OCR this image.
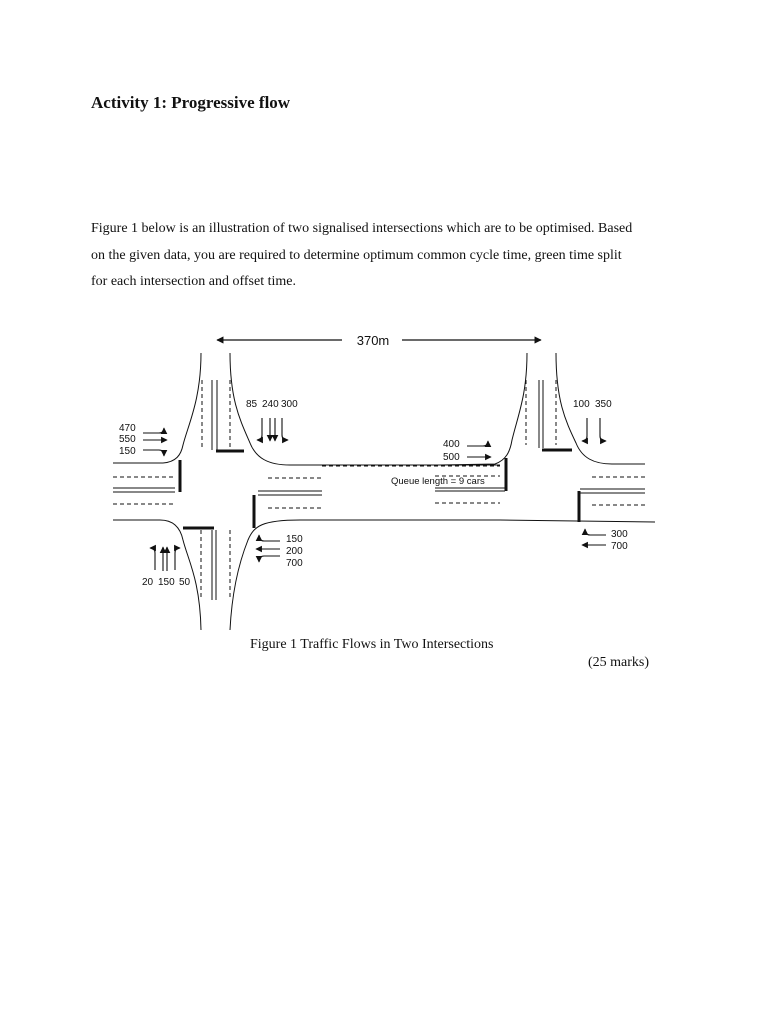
Activity 1: Progressive flow
Figure 1 below is an illustration of two signalised intersections which are to be optimised. Based
on the given data, you are required to determine optimum common cycle time, green time split
for each intersection and offset time.
370m
Queue length = 9 cars
85 240 300
470
550
150
150
200
700
20 150 50
100 350
400
500
300
700
Figure 1 Traffic Flows in Two Intersections
(25 marks)
